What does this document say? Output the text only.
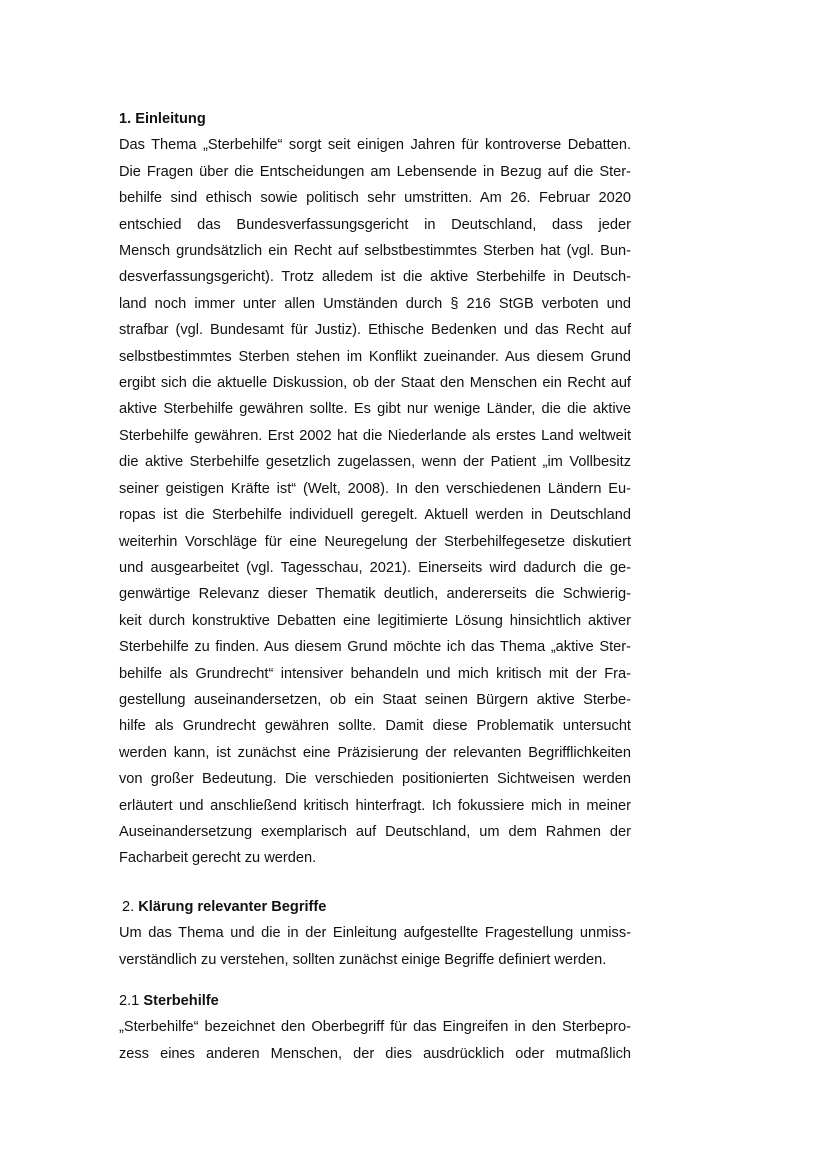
1. Einleitung
Das Thema „Sterbehilfe“ sorgt seit einigen Jahren für kontroverse Debatten.
Die Fragen über die Entscheidungen am Lebensende in Bezug auf die Ster-
behilfe sind ethisch sowie politisch sehr umstritten. Am 26. Februar 2020
entschied das Bundesverfassungsgericht in Deutschland, dass jeder
Mensch grundsätzlich ein Recht auf selbstbestimmtes Sterben hat (vgl. Bun-
desverfassungsgericht). Trotz alledem ist die aktive Sterbehilfe in Deutsch-
land noch immer unter allen Umständen durch § 216 StGB verboten und
strafbar (vgl. Bundesamt für Justiz). Ethische Bedenken und das Recht auf
selbstbestimmtes Sterben stehen im Konflikt zueinander. Aus diesem Grund
ergibt sich die aktuelle Diskussion, ob der Staat den Menschen ein Recht auf
aktive Sterbehilfe gewähren sollte. Es gibt nur wenige Länder, die die aktive
Sterbehilfe gewähren. Erst 2002 hat die Niederlande als erstes Land weltweit
die aktive Sterbehilfe gesetzlich zugelassen, wenn der Patient „im Vollbesitz
seiner geistigen Kräfte ist“ (Welt, 2008). In den verschiedenen Ländern Eu-
ropas ist die Sterbehilfe individuell geregelt. Aktuell werden in Deutschland
weiterhin Vorschläge für eine Neuregelung der Sterbehilfegesetze diskutiert
und ausgearbeitet (vgl. Tagesschau, 2021). Einerseits wird dadurch die ge-
genwärtige Relevanz dieser Thematik deutlich, andererseits die Schwierig-
keit durch konstruktive Debatten eine legitimierte Lösung hinsichtlich aktiver
Sterbehilfe zu finden. Aus diesem Grund möchte ich das Thema „aktive Ster-
behilfe als Grundrecht“ intensiver behandeln und mich kritisch mit der Fra-
gestellung auseinandersetzen, ob ein Staat seinen Bürgern aktive Sterbe-
hilfe als Grundrecht gewähren sollte. Damit diese Problematik untersucht
werden kann, ist zunächst eine Präzisierung der relevanten Begrifflichkeiten
von großer Bedeutung. Die verschieden positionierten Sichtweisen werden
erläutert und anschließend kritisch hinterfragt. Ich fokussiere mich in meiner
Auseinandersetzung exemplarisch auf Deutschland, um dem Rahmen der
Facharbeit gerecht zu werden.
2. Klärung relevanter Begriffe
Um das Thema und die in der Einleitung aufgestellte Fragestellung unmiss-
verständlich zu verstehen, sollten zunächst einige Begriffe definiert werden.
2.1 Sterbehilfe
„Sterbehilfe“ bezeichnet den Oberbegriff für das Eingreifen in den Sterbepro-
zess eines anderen Menschen, der dies ausdrücklich oder mutmaßlich
